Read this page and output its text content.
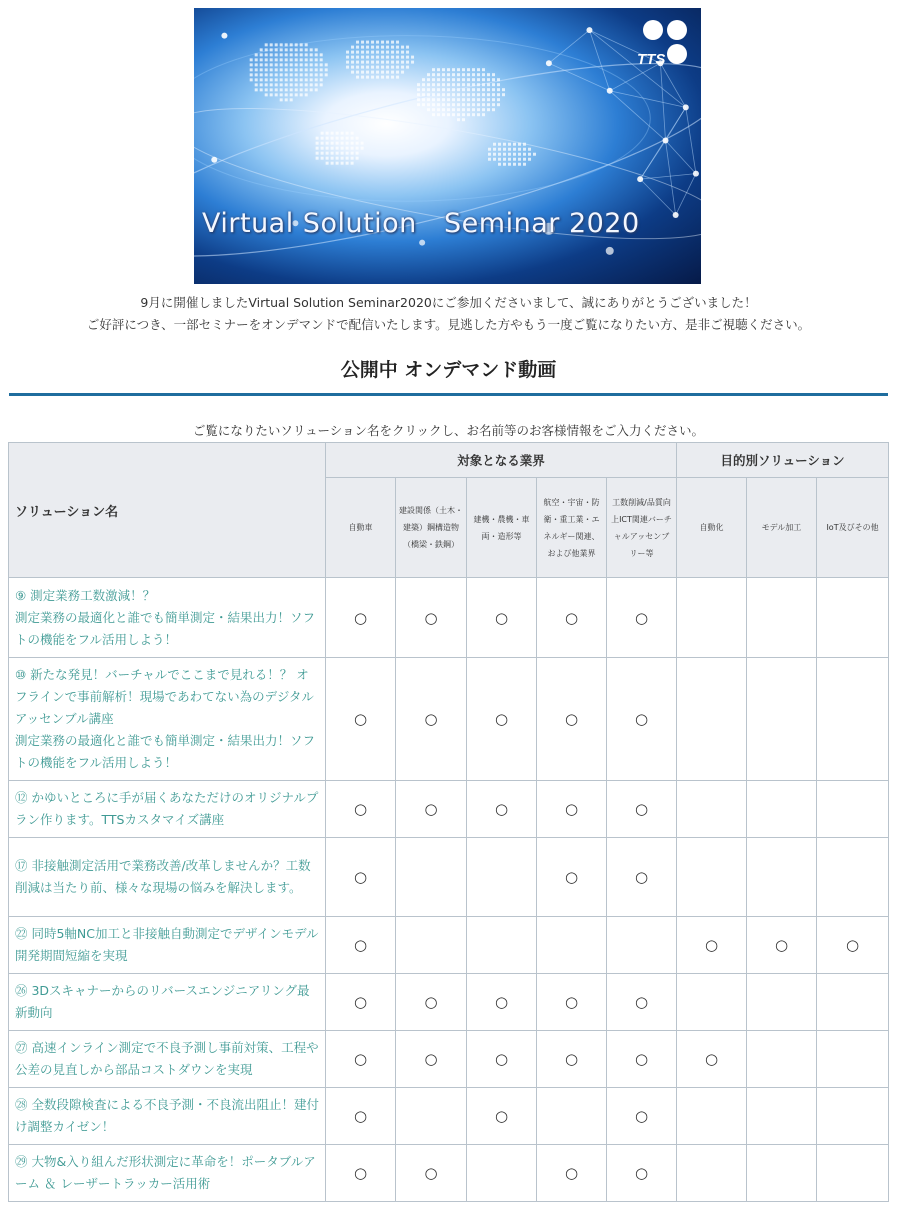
TTS
Virtual Solution   Seminar 2020
9月に開催しましたVirtual Solution Seminar2020にご参加くださいまして、誠にありがとうございました！
ご好評につき、一部セミナーをオンデマンドで配信いたします。見逃した方やもう一度ご覧になりたい方、是非ご視聴ください。
公開中 オンデマンド動画
ご覧になりたいソリューション名をクリックし、お名前等のお客様情報をご入力ください。
ソリューション名	対象となる業界					目的別ソリューション		
	自動車	建設関係（土木・建築）鋼構造物（橋梁・鉄鋼）	建機・農機・車両・造形等	航空・宇宙・防衛・重工業・エネルギー関連、および他業界	工数削減/品質向上ICT関連バーチャルアッセンブリー等	自動化	モデル加工	IoT及びその他
⑨ 測定業務工数激減！？
測定業務の最適化と誰でも簡単測定・結果出力！ソフトの機能をフル活用しよう！	○	○	○	○	○			
⑩ 新たな発見！バーチャルでここまで見れる！？ オフラインで事前解析！現場であわてない為のデジタルアッセンブル講座
測定業務の最適化と誰でも簡単測定・結果出力！ソフトの機能をフル活用しよう！	○	○	○	○	○			
⑫ かゆいところに手が届くあなただけのオリジナルプラン作ります。TTSカスタマイズ講座	○	○	○	○	○			
⑰ 非接触測定活用で業務改善/改革しませんか？工数削減は当たり前、様々な現場の悩みを解決します。	○			○	○			
㉒ 同時5軸NC加工と非接触自動測定でデザインモデル開発期間短縮を実現	○					○	○	○
㉖ 3Dスキャナーからのリバースエンジニアリング最新動向	○	○	○	○	○			
㉗ 高速インライン測定で不良予測し事前対策、工程や公差の見直しから部品コストダウンを実現	○	○	○	○	○	○		
㉘ 全数段隙検査による不良予測・不良流出阻止！建付け調整カイゼン！	○		○		○			
㉙ 大物&入り組んだ形状測定に革命を！ポータブルアーム ＆ レーザートラッカー活用術	○	○		○	○			
